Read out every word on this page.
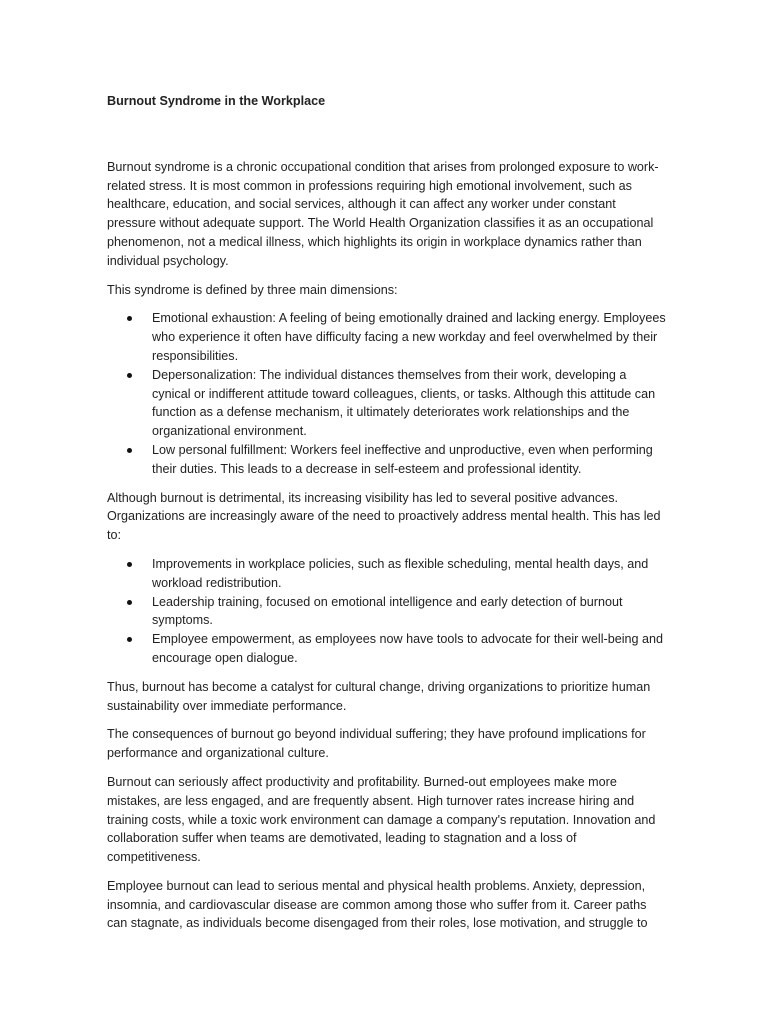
Burnout Syndrome in the Workplace

Burnout syndrome is a chronic occupational condition that arises from prolonged exposure to work-related stress. It is most common in professions requiring high emotional involvement, such as healthcare, education, and social services, although it can affect any worker under constant pressure without adequate support. The World Health Organization classifies it as an occupational phenomenon, not a medical illness, which highlights its origin in workplace dynamics rather than individual psychology.

This syndrome is defined by three main dimensions:

Emotional exhaustion: A feeling of being emotionally drained and lacking energy. Employees who experience it often have difficulty facing a new workday and feel overwhelmed by their responsibilities.
Depersonalization: The individual distances themselves from their work, developing a cynical or indifferent attitude toward colleagues, clients, or tasks. Although this attitude can function as a defense mechanism, it ultimately deteriorates work relationships and the organizational environment.
Low personal fulfillment: Workers feel ineffective and unproductive, even when performing their duties. This leads to a decrease in self-esteem and professional identity.

Although burnout is detrimental, its increasing visibility has led to several positive advances. Organizations are increasingly aware of the need to proactively address mental health. This has led to:

Improvements in workplace policies, such as flexible scheduling, mental health days, and workload redistribution.
Leadership training, focused on emotional intelligence and early detection of burnout symptoms.
Employee empowerment, as employees now have tools to advocate for their well-being and encourage open dialogue.

Thus, burnout has become a catalyst for cultural change, driving organizations to prioritize human sustainability over immediate performance.

The consequences of burnout go beyond individual suffering; they have profound implications for performance and organizational culture.

Burnout can seriously affect productivity and profitability. Burned-out employees make more mistakes, are less engaged, and are frequently absent. High turnover rates increase hiring and training costs, while a toxic work environment can damage a company's reputation. Innovation and collaboration suffer when teams are demotivated, leading to stagnation and a loss of competitiveness.

Employee burnout can lead to serious mental and physical health problems. Anxiety, depression, insomnia, and cardiovascular disease are common among those who suffer from it. Career paths can stagnate, as individuals become disengaged from their roles, lose motivation, and struggle to
